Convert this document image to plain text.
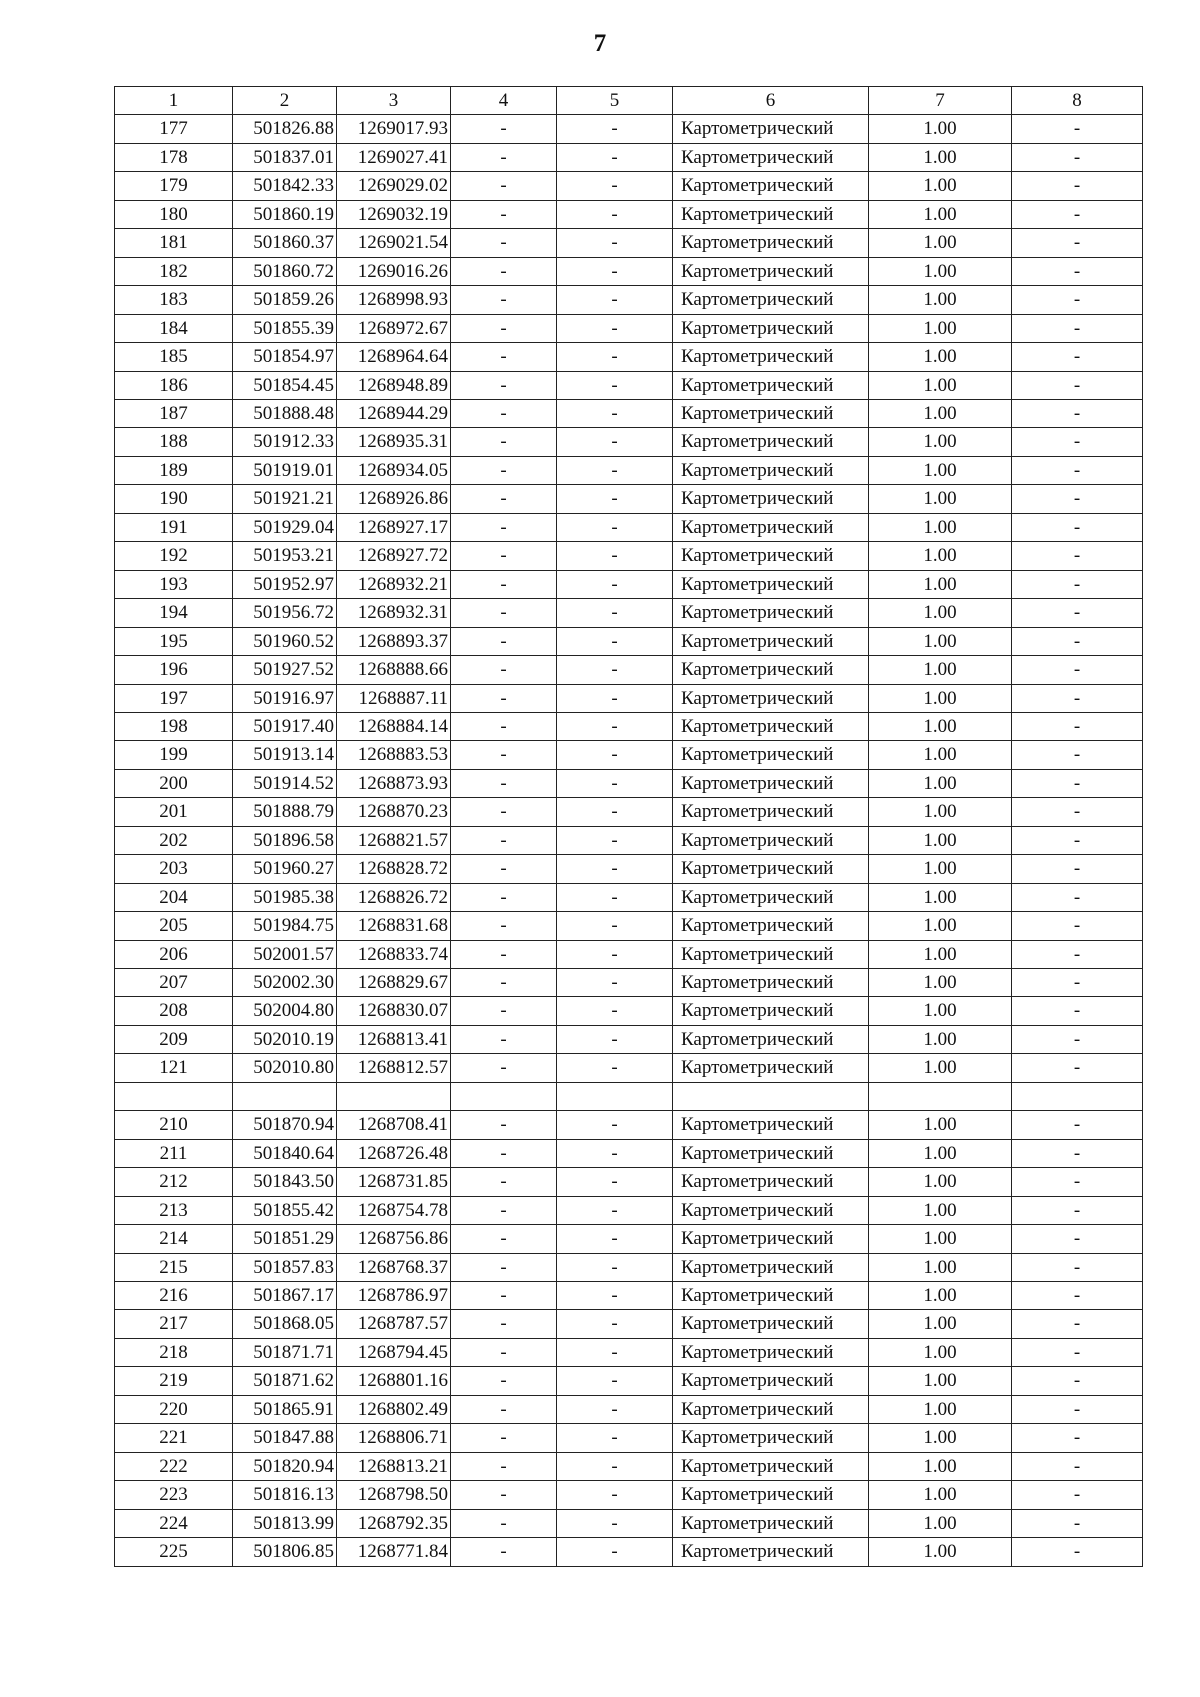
7
1	2	3	4	5	6	7	8
177	501826.88	1269017.93	-	-	Картометрический	1.00	-
178	501837.01	1269027.41	-	-	Картометрический	1.00	-
179	501842.33	1269029.02	-	-	Картометрический	1.00	-
180	501860.19	1269032.19	-	-	Картометрический	1.00	-
181	501860.37	1269021.54	-	-	Картометрический	1.00	-
182	501860.72	1269016.26	-	-	Картометрический	1.00	-
183	501859.26	1268998.93	-	-	Картометрический	1.00	-
184	501855.39	1268972.67	-	-	Картометрический	1.00	-
185	501854.97	1268964.64	-	-	Картометрический	1.00	-
186	501854.45	1268948.89	-	-	Картометрический	1.00	-
187	501888.48	1268944.29	-	-	Картометрический	1.00	-
188	501912.33	1268935.31	-	-	Картометрический	1.00	-
189	501919.01	1268934.05	-	-	Картометрический	1.00	-
190	501921.21	1268926.86	-	-	Картометрический	1.00	-
191	501929.04	1268927.17	-	-	Картометрический	1.00	-
192	501953.21	1268927.72	-	-	Картометрический	1.00	-
193	501952.97	1268932.21	-	-	Картометрический	1.00	-
194	501956.72	1268932.31	-	-	Картометрический	1.00	-
195	501960.52	1268893.37	-	-	Картометрический	1.00	-
196	501927.52	1268888.66	-	-	Картометрический	1.00	-
197	501916.97	1268887.11	-	-	Картометрический	1.00	-
198	501917.40	1268884.14	-	-	Картометрический	1.00	-
199	501913.14	1268883.53	-	-	Картометрический	1.00	-
200	501914.52	1268873.93	-	-	Картометрический	1.00	-
201	501888.79	1268870.23	-	-	Картометрический	1.00	-
202	501896.58	1268821.57	-	-	Картометрический	1.00	-
203	501960.27	1268828.72	-	-	Картометрический	1.00	-
204	501985.38	1268826.72	-	-	Картометрический	1.00	-
205	501984.75	1268831.68	-	-	Картометрический	1.00	-
206	502001.57	1268833.74	-	-	Картометрический	1.00	-
207	502002.30	1268829.67	-	-	Картометрический	1.00	-
208	502004.80	1268830.07	-	-	Картометрический	1.00	-
209	502010.19	1268813.41	-	-	Картометрический	1.00	-
121	502010.80	1268812.57	-	-	Картометрический	1.00	-

210	501870.94	1268708.41	-	-	Картометрический	1.00	-
211	501840.64	1268726.48	-	-	Картометрический	1.00	-
212	501843.50	1268731.85	-	-	Картометрический	1.00	-
213	501855.42	1268754.78	-	-	Картометрический	1.00	-
214	501851.29	1268756.86	-	-	Картометрический	1.00	-
215	501857.83	1268768.37	-	-	Картометрический	1.00	-
216	501867.17	1268786.97	-	-	Картометрический	1.00	-
217	501868.05	1268787.57	-	-	Картометрический	1.00	-
218	501871.71	1268794.45	-	-	Картометрический	1.00	-
219	501871.62	1268801.16	-	-	Картометрический	1.00	-
220	501865.91	1268802.49	-	-	Картометрический	1.00	-
221	501847.88	1268806.71	-	-	Картометрический	1.00	-
222	501820.94	1268813.21	-	-	Картометрический	1.00	-
223	501816.13	1268798.50	-	-	Картометрический	1.00	-
224	501813.99	1268792.35	-	-	Картометрический	1.00	-
225	501806.85	1268771.84	-	-	Картометрический	1.00	-
